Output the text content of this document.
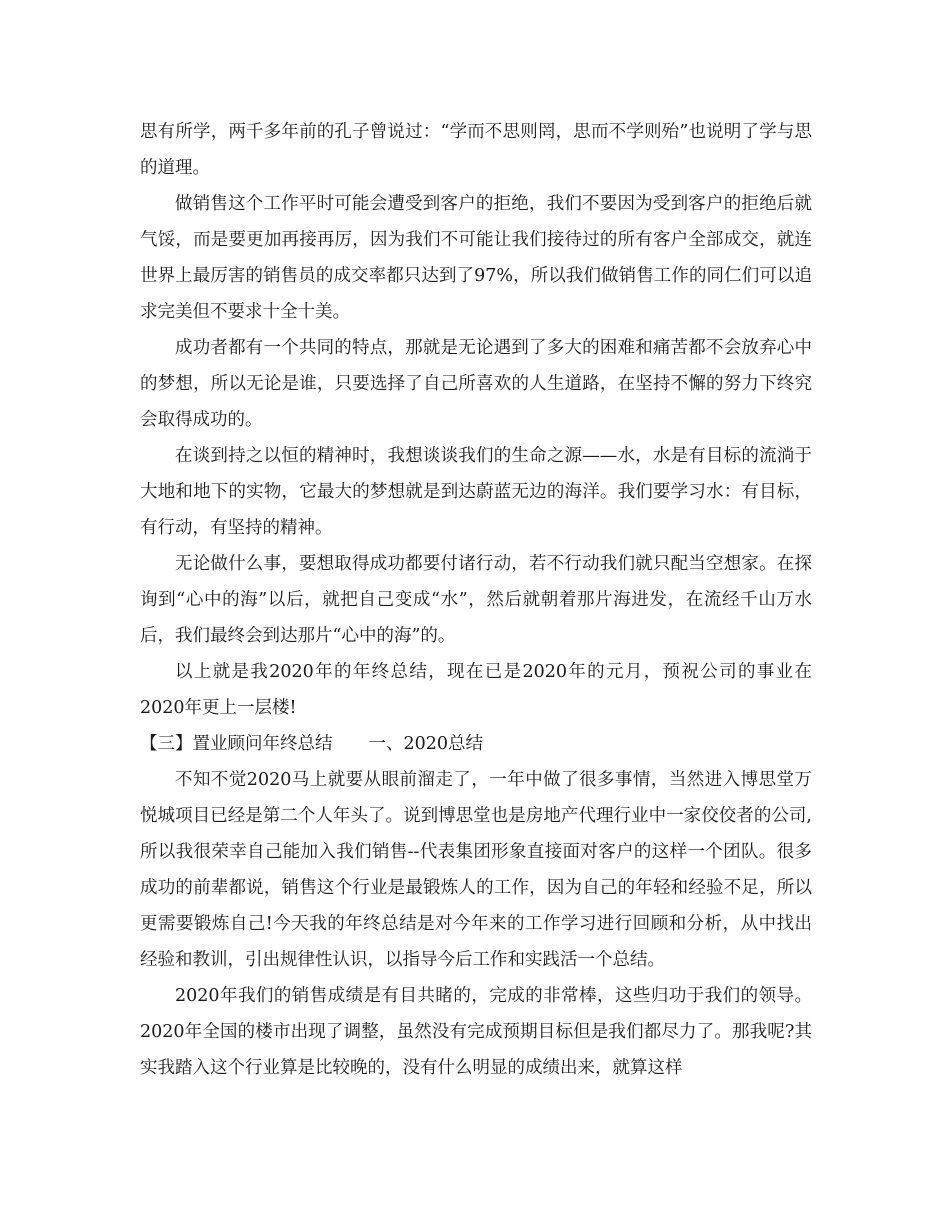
思有所学，两千多年前的孔子曾说过：“学而不思则罔，思而不学则殆”也说明了学与思的道理。

做销售这个工作平时可能会遭受到客户的拒绝，我们不要因为受到客户的拒绝后就气馁，而是要更加再接再厉，因为我们不可能让我们接待过的所有客户全部成交，就连世界上最厉害的销售员的成交率都只达到了97%，所以我们做销售工作的同仁们可以追求完美但不要求十全十美。

成功者都有一个共同的特点，那就是无论遇到了多大的困难和痛苦都不会放弃心中的梦想，所以无论是谁，只要选择了自己所喜欢的人生道路，在坚持不懈的努力下终究会取得成功的。

在谈到持之以恒的精神时，我想谈谈我们的生命之源——水，水是有目标的流淌于大地和地下的实物，它最大的梦想就是到达蔚蓝无边的海洋。我们要学习水：有目标，有行动，有坚持的精神。

无论做什么事，要想取得成功都要付诸行动，若不行动我们就只配当空想家。在探询到“心中的海”以后，就把自己变成“水”，然后就朝着那片海进发，在流经千山万水后，我们最终会到达那片“心中的海”的。

以上就是我2020年的年终总结，现在已是2020年的元月，预祝公司的事业在2020年更上一层楼!

【三】置业顾问年终总结 一、2020总结

不知不觉2020马上就要从眼前溜走了，一年中做了很多事情，当然进入博思堂万悦城项目已经是第二个人年头了。说到博思堂也是房地产代理行业中一家佼佼者的公司,所以我很荣幸自己能加入我们销售--代表集团形象直接面对客户的这样一个团队。很多成功的前辈都说，销售这个行业是最锻炼人的工作，因为自己的年轻和经验不足，所以更需要锻炼自己!今天我的年终总结是对今年来的工作学习进行回顾和分析，从中找出经验和教训，引出规律性认识，以指导今后工作和实践活一个总结。

2020年我们的销售成绩是有目共睹的，完成的非常棒，这些归功于我们的领导。2020年全国的楼市出现了调整，虽然没有完成预期目标但是我们都尽力了。那我呢?其实我踏入这个行业算是比较晚的，没有什么明显的成绩出来，就算这样
